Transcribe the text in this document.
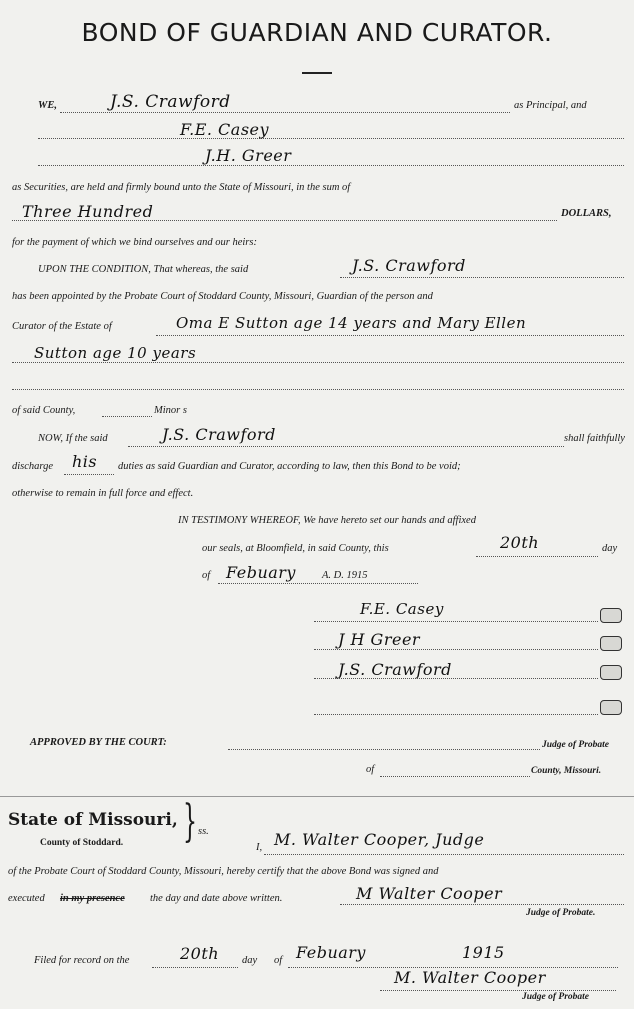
BOND OF GUARDIAN AND CURATOR.
WE,	J.S. Crawford	as Principal, and
F.E. Casey
J.H. Greer
as Securities, are held and firmly bound unto the State of Missouri, in the sum of
Three Hundred	DOLLARS,
for the payment of which we bind ourselves and our heirs:
UPON THE CONDITION, That whereas, the said	J.S. Crawford
has been appointed by the Probate Court of Stoddard County, Missouri, Guardian of the person and
Curator of the Estate of	Oma E Sutton age 14 years and Mary Ellen
Sutton age 10 years
of said County,	Minor s
NOW, If the said	J.S. Crawford	shall faithfully
discharge his duties as said Guardian and Curator, according to law, then this Bond to be void;
otherwise to remain in full force and effect.
IN TESTIMONY WHEREOF, We have hereto set our hands and affixed
our seals, at Bloomfield, in said County, this	20th	day
of Febuary A. D. 1915
F.E. Casey
J H Greer
J.S. Crawford
APPROVED BY THE COURT:	Judge of Probate
of	County, Missouri.
State of Missouri,
County of Stoddard. } ss.
I, M. Walter Cooper, Judge
of the Probate Court of Stoddard County, Missouri, hereby certify that the above Bond was signed and
executed in my presence the day and date above written.	M Walter Cooper
Judge of Probate.
Filed for record on the	20th day of Febuary	1915
M. Walter Cooper
Judge of Probate
